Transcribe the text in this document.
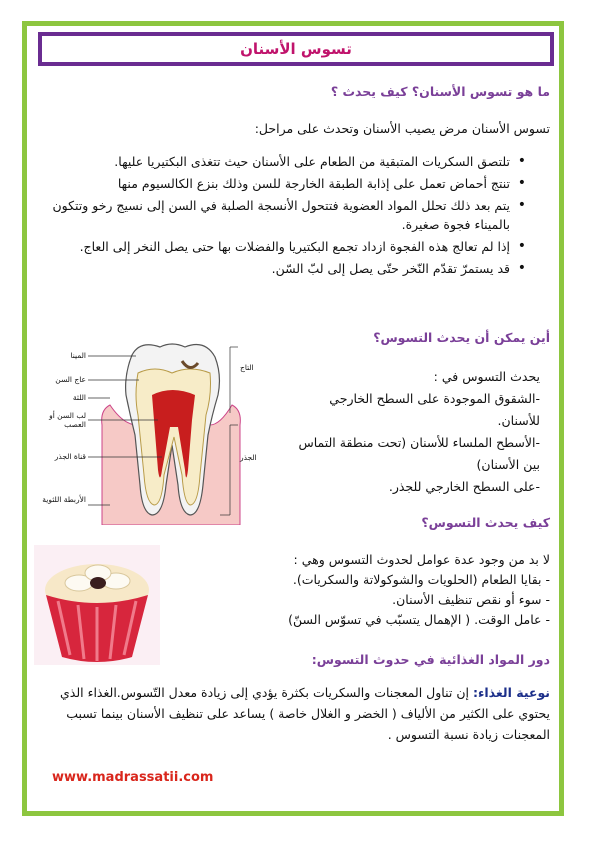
تسوس الأسنان
ما هو تسوس الأسنان؟ كيف يحدث ؟
تسوس الأسنان مرض يصيب الأسنان وتحدث على مراحل:
• تلتصق السكريات المتبقية من الطعام على الأسنان حيث تتغذى البكتيريا عليها.
• تنتج أحماض تعمل على إذابة الطبقة الخارجة للسن وذلك بنزع الكالسيوم منها
• يتم بعد ذلك تحلل المواد العضوية فتتحول الأنسجة الصلبة في السن إلى نسيج رخو وتتكون بالميناء فجوة صغيرة.
• إذا لم تعالج هذه الفجوة ازداد تجمع البكتيريا والفضلات بها حتى يصل النخر إلى العاج.
• قد يستمرّ تقدّم النّخر حتّى يصل إلى لبّ السّن.
أين يمكن أن يحدث التسوس؟
يحدث التسوس في :
-الشقوق الموجودة على السطح الخارجي للأسنان.
-الأسطح الملساء للأسنان (تحت منطقة التماس بين الأسنان)
-على السطح الخارجي للجذر.
المينا
عاج السن
اللثة
لب السن أو العصب
قناة الجذر
الأربطة اللثوية
التاج
الجذر
كيف يحدث التسوس؟
لا بد من وجود عدة عوامل لحدوث التسوس وهي :
- بقايا الطعام (الحلويات والشوكولاتة والسكريات).
- سوء أو نقص تنظيف الأسنان.
- عامل الوقت. ( الإهمال يتسبّب في تسوّس السنّ)
دور المواد الغذائية في حدوث التسوس:
نوعية الغذاء: إن تناول المعجنات والسكريات بكثرة يؤدي إلى زيادة معدل التّسوس.الغذاء الذي يحتوي على الكثير من الألياف ( الخضر و الغلال خاصة ) يساعد على تنظيف الأسنان بينما تسبب المعجنات زيادة نسبة التسوس .
www.madrassatii.com
